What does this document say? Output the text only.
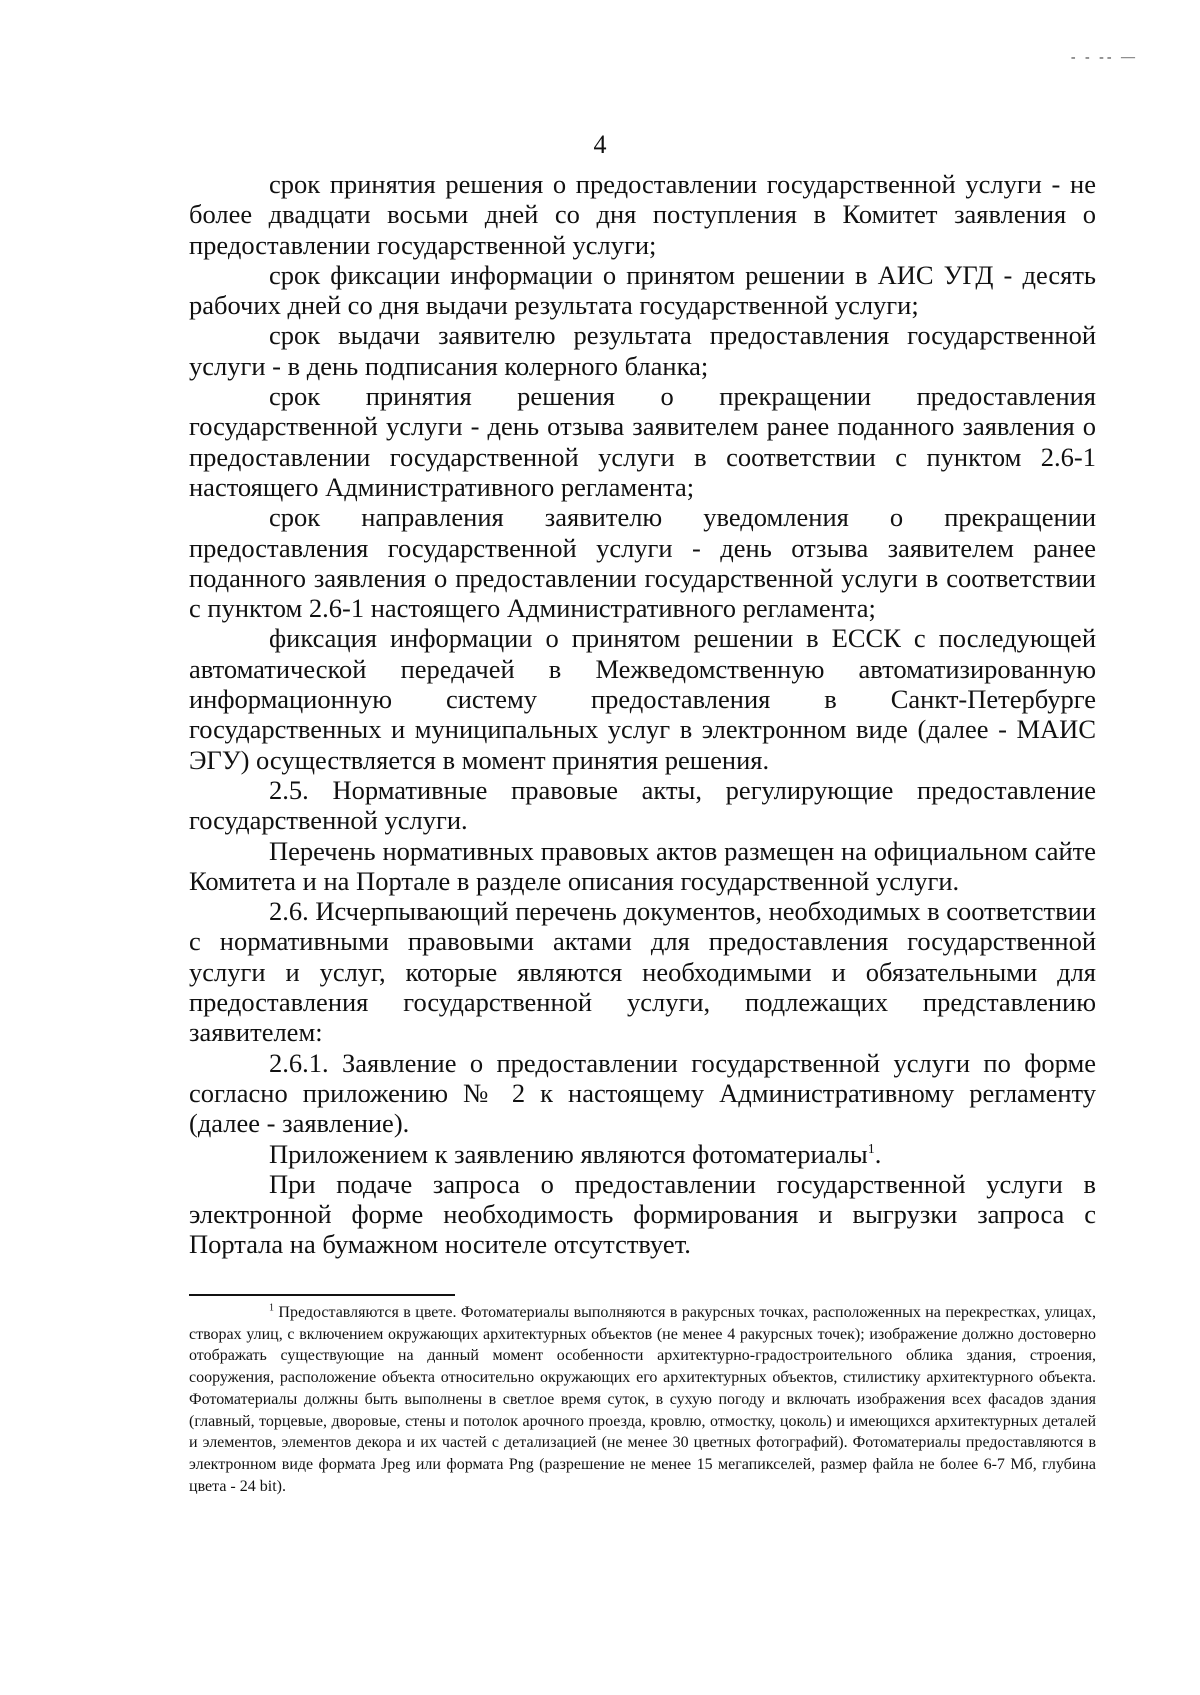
- - -- —
4

срок принятия решения о предоставлении государственной услуги - не более двадцати восьми дней со дня поступления в Комитет заявления о предоставлении государственной услуги;

срок фиксации информации о принятом решении в АИС УГД - десять рабочих дней со дня выдачи результата государственной услуги;

срок выдачи заявителю результата предоставления государственной услуги - в день подписания колерного бланка;

срок принятия решения о прекращении предоставления государственной услуги - день отзыва заявителем ранее поданного заявления о предоставлении государственной услуги в соответствии с пунктом 2.6-1 настоящего Административного регламента;

срок направления заявителю уведомления о прекращении предоставления государственной услуги - день отзыва заявителем ранее поданного заявления о предоставлении государственной услуги в соответствии с пунктом 2.6-1 настоящего Административного регламента;

фиксация информации о принятом решении в ЕССК с последующей автоматической передачей в Межведомственную автоматизированную информационную систему предоставления в Санкт-Петербурге государственных и муниципальных услуг в электронном виде (далее - МАИС ЭГУ) осуществляется в момент принятия решения.

2.5. Нормативные правовые акты, регулирующие предоставление государственной услуги.

Перечень нормативных правовых актов размещен на официальном сайте Комитета и на Портале в разделе описания государственной услуги.

2.6. Исчерпывающий перечень документов, необходимых в соответствии с нормативными правовыми актами для предоставления государственной услуги и услуг, которые являются необходимыми и обязательными для предоставления государственной услуги, подлежащих представлению заявителем:

2.6.1. Заявление о предоставлении государственной услуги по форме согласно приложению № 2 к настоящему Административному регламенту (далее - заявление).

Приложением к заявлению являются фотоматериалы$^1$.

При подаче запроса о предоставлении государственной услуги в электронной форме необходимость формирования и выгрузки запроса с Портала на бумажном носителе отсутствует.

$^1$ Предоставляются в цвете. Фотоматериалы выполняются в ракурсных точках, расположенных на перекрестках, улицах, створах улиц, с включением окружающих архитектурных объектов (не менее 4 ракурсных точек); изображение должно достоверно отображать существующие на данный момент особенности архитектурно-градостроительного облика здания, строения, сооружения, расположение объекта относительно окружающих его архитектурных объектов, стилистику архитектурного объекта. Фотоматериалы должны быть выполнены в светлое время суток, в сухую погоду и включать изображения всех фасадов здания (главный, торцевые, дворовые, стены и потолок арочного проезда, кровлю, отмостку, цоколь) и имеющихся архитектурных деталей и элементов, элементов декора и их частей с детализацией (не менее 30 цветных фотографий). Фотоматериалы предоставляются в электронном виде формата Jpeg или формата Png (разрешение не менее 15 мегапикселей, размер файла не более 6-7 Мб, глубина цвета - 24 bit).
